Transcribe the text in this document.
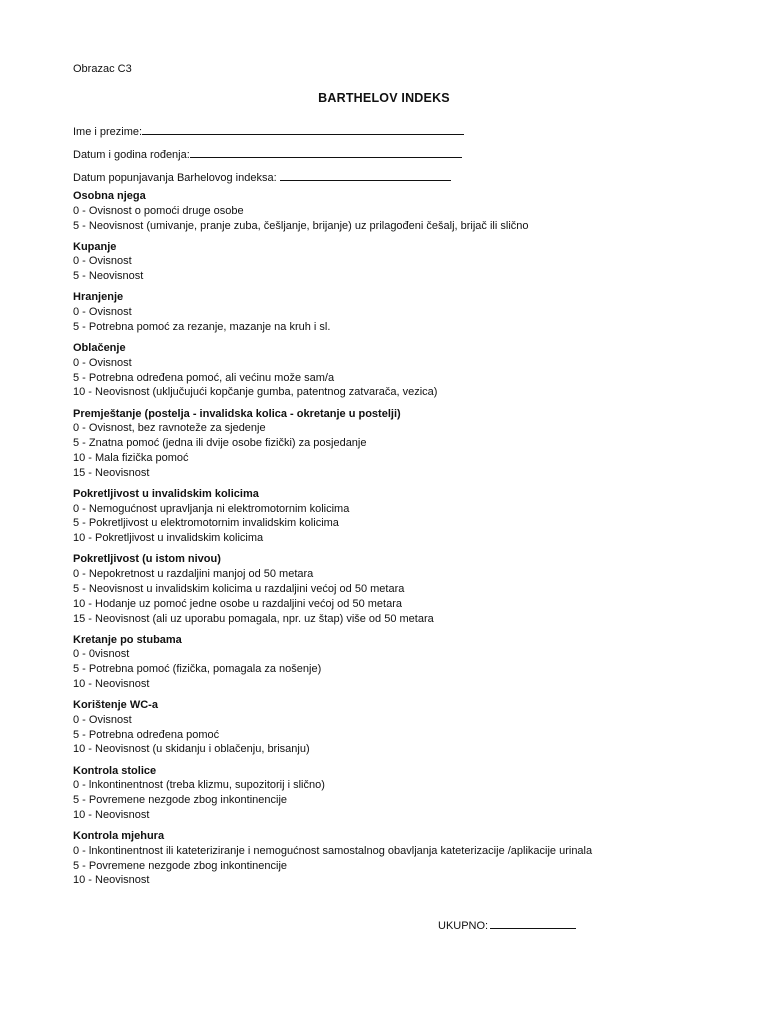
Obrazac C3
BARTHELOV INDEKS
Ime i prezime:
Datum i godina rođenja:
Datum popunjavanja Barhelovog indeksa:
Osobna njega
0 - Ovisnost o pomoći druge osobe
5 - Neovisnost (umivanje, pranje zuba, češljanje, brijanje) uz prilagođeni češalj, brijač ili slično
Kupanje
0 - Ovisnost
5 - Neovisnost
Hranjenje
0 - Ovisnost
5 - Potrebna pomoć za rezanje, mazanje na kruh i sl.
Oblačenje
0 - Ovisnost
5 - Potrebna određena pomoć, ali većinu može sam/a
10 - Neovisnost (uključujući kopčanje gumba, patentnog zatvarača, vezica)
Premještanje (postelja - invalidska kolica - okretanje u postelji)
0 - Ovisnost, bez ravnoteže za sjedenje
5 - Znatna pomoć (jedna ili dvije osobe fizički) za posjedanje
10 - Mala fizička pomoć
15 - Neovisnost
Pokretljivost u invalidskim kolicima
0 - Nemogućnost upravljanja ni elektromotornim kolicima
5 - Pokretljivost u elektromotornim invalidskim kolicima
10 - Pokretljivost u invalidskim kolicima
Pokretljivost (u istom nivou)
0 - Nepokretnost u razdaljini manjoj od 50 metara
5 - Neovisnost u invalidskim kolicima u razdaljini većoj od 50 metara
10 - Hodanje uz pomoć jedne osobe u razdaljini većoj od 50 metara
15 - Neovisnost (ali uz uporabu pomagala, npr. uz štap) više od 50 metara
Kretanje po stubama
0 - 0visnost
5 - Potrebna pomoć (fizička, pomagala za nošenje)
10 - Neovisnost
Korištenje WC-a
0 - Ovisnost
5 - Potrebna određena pomoć
10 - Neovisnost (u skidanju i oblačenju, brisanju)
Kontrola stolice
0 - lnkontinentnost (treba klizmu, supozitorij i slično)
5 - Povremene nezgode zbog inkontinencije
10 - Neovisnost
Kontrola mjehura
0 - lnkontinentnost ili kateteriziranje i nemogućnost samostalnog obavljanja kateterizacije /aplikacije urinala
5 - Povremene nezgode zbog inkontinencije
10 - Neovisnost
UKUPNO:
